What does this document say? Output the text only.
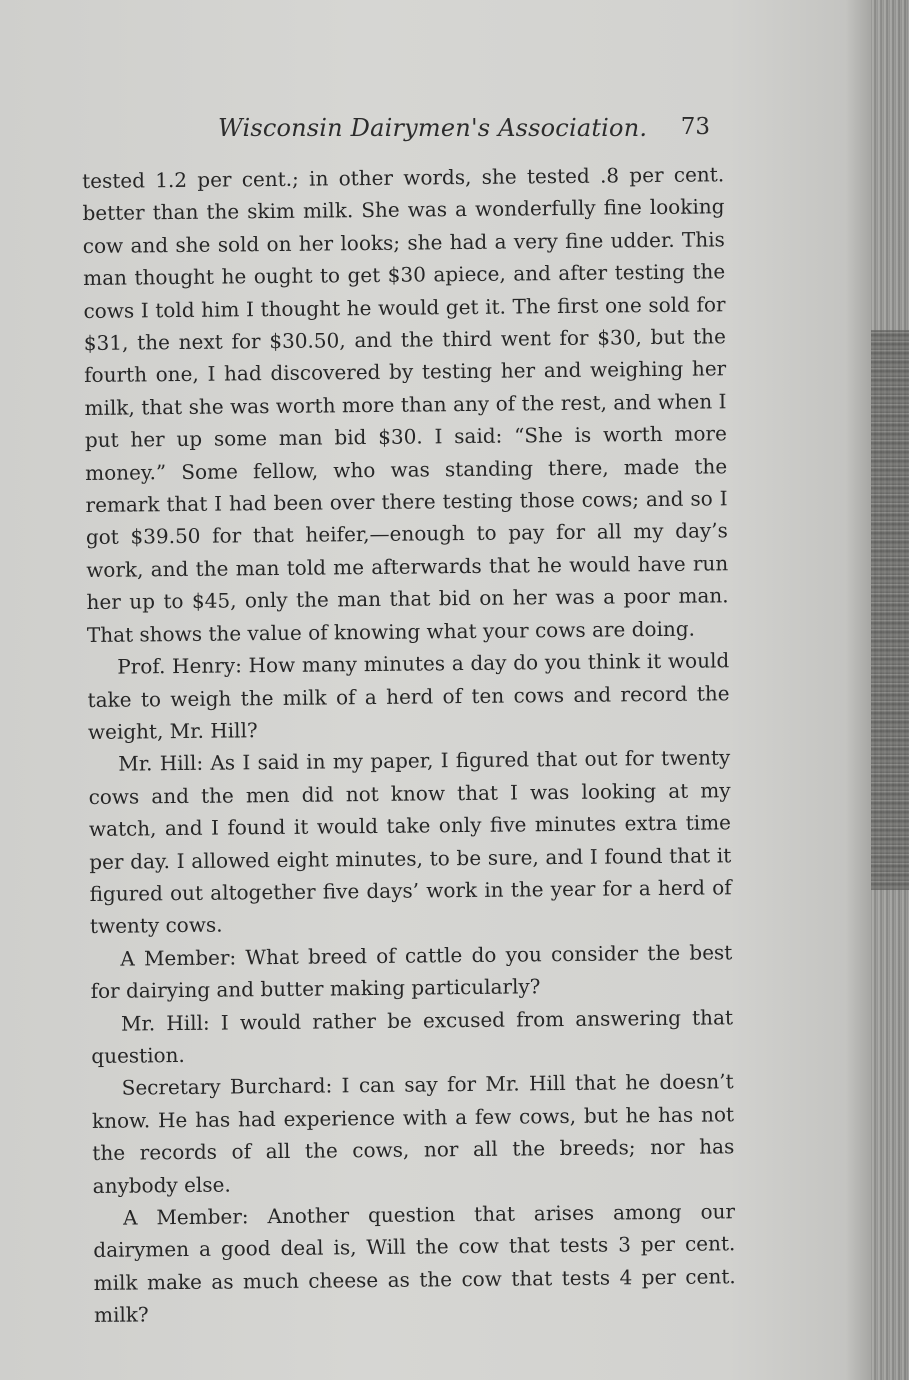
Wisconsin Dairymen's Association. 73

tested 1.2 per cent.; in other words, she tested .8 per cent. better than the skim milk. She was a wonderfully fine looking cow and she sold on her looks; she had a very fine udder. This man thought he ought to get $30 apiece, and after testing the cows I told him I thought he would get it. The first one sold for $31, the next for $30.50, and the third went for $30, but the fourth one, I had discovered by testing her and weighing her milk, that she was worth more than any of the rest, and when I put her up some man bid $30. I said: “She is worth more money.” Some fellow, who was standing there, made the remark that I had been over there testing those cows; and so I got $39.50 for that heifer,—enough to pay for all my day’s work, and the man told me afterwards that he would have run her up to $45, only the man that bid on her was a poor man. That shows the value of knowing what your cows are doing.

Prof. Henry: How many minutes a day do you think it would take to weigh the milk of a herd of ten cows and record the weight, Mr. Hill?

Mr. Hill: As I said in my paper, I figured that out for twenty cows and the men did not know that I was looking at my watch, and I found it would take only five minutes extra time per day. I allowed eight minutes, to be sure, and I found that it figured out altogether five days’ work in the year for a herd of twenty cows.

A Member: What breed of cattle do you consider the best for dairying and butter making particularly?

Mr. Hill: I would rather be excused from answering that question.

Secretary Burchard: I can say for Mr. Hill that he doesn’t know. He has had experience with a few cows, but he has not the records of all the cows, nor all the breeds; nor has anybody else.

A Member: Another question that arises among our dairymen a good deal is, Will the cow that tests 3 per cent. milk make as much cheese as the cow that tests 4 per cent. milk?
